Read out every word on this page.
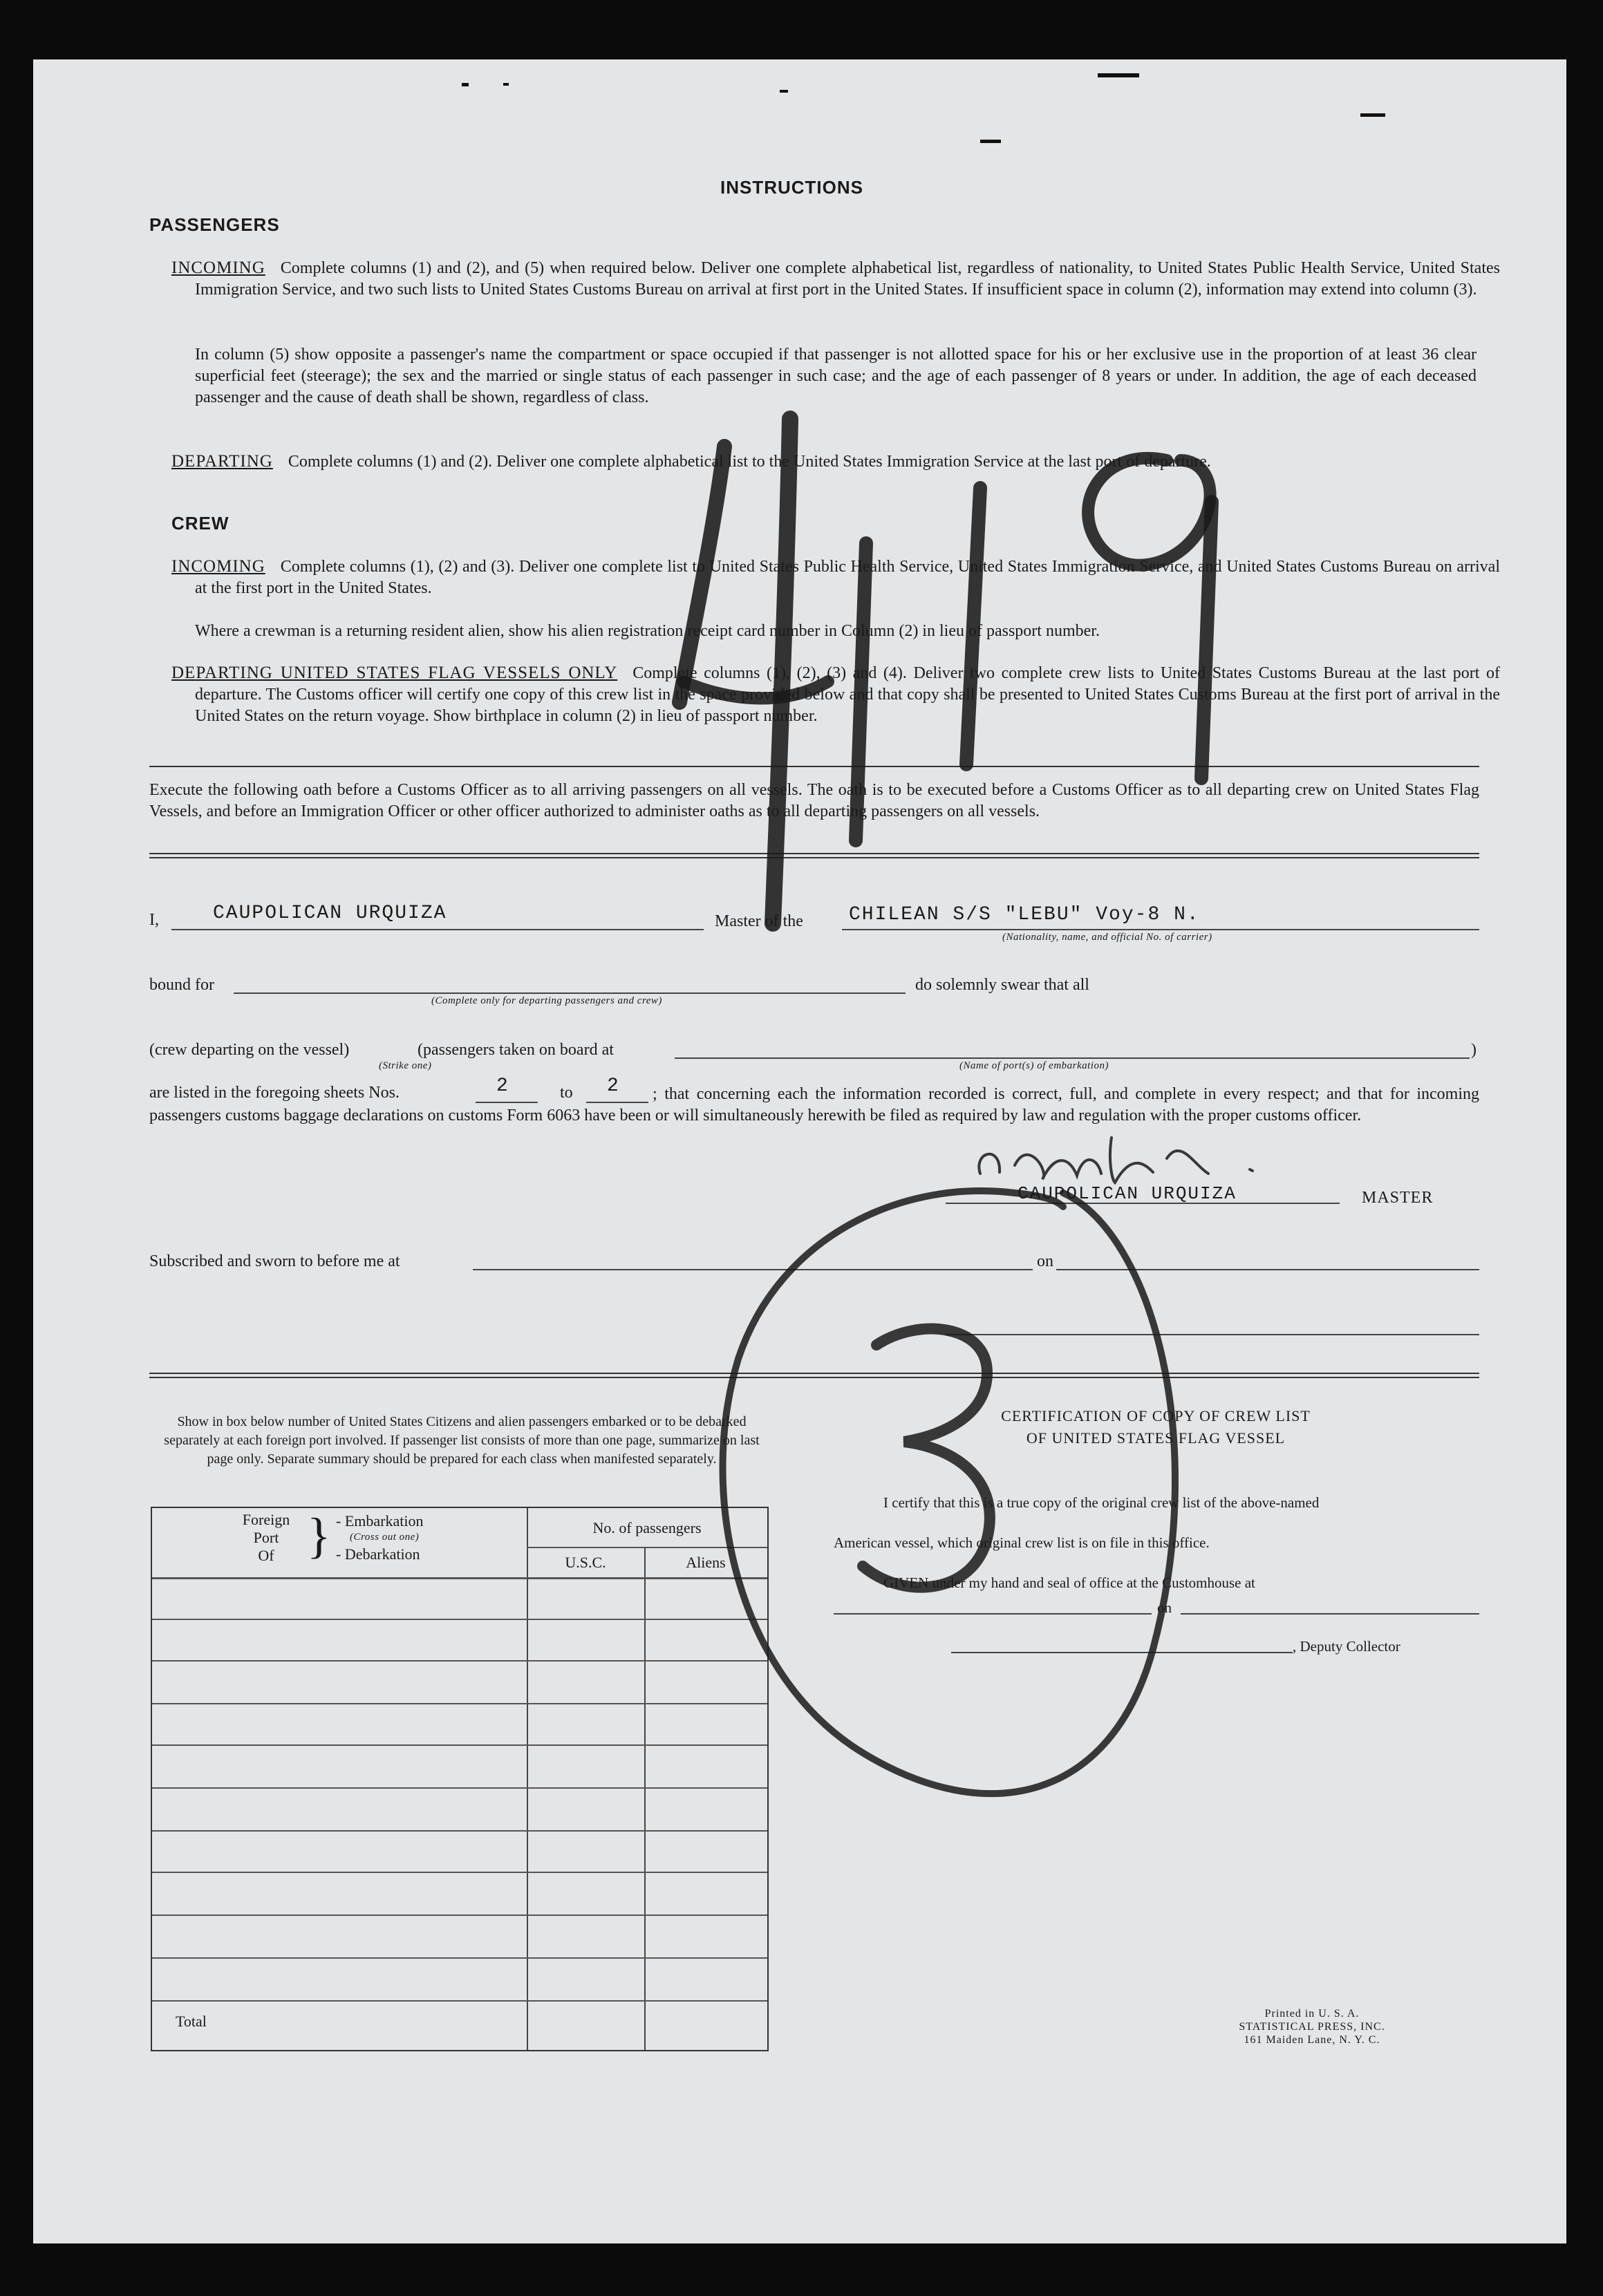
INSTRUCTIONS
PASSENGERS
INCOMING Complete columns (1) and (2), and (5) when required below. Deliver one complete alphabetical list, regardless of nationality, to United States Public Health Service, United States Immigration Service, and two such lists to United States Customs Bureau on arrival at first port in the United States. If insufficient space in column (2), information may extend into column (3).
In column (5) show opposite a passenger's name the compartment or space occupied if that passenger is not allotted space for his or her exclusive use in the proportion of at least 36 clear superficial feet (steerage); the sex and the married or single status of each passenger in such case; and the age of each passenger of 8 years or under. In addition, the age of each deceased passenger and the cause of death shall be shown, regardless of class.
DEPARTING Complete columns (1) and (2). Deliver one complete alphabetical list to the United States Immigration Service at the last port of departure.
CREW
INCOMING Complete columns (1), (2) and (3). Deliver one complete list to United States Public Health Service, United States Immigration Service, and United States Customs Bureau on arrival at the first port in the United States.
Where a crewman is a returning resident alien, show his alien registration receipt card number in Column (2) in lieu of passport number.
DEPARTING UNITED STATES FLAG VESSELS ONLY Complete columns (1), (2), (3) and (4). Deliver two complete crew lists to United States Customs Bureau at the last port of departure. The Customs officer will certify one copy of this crew list in the space provided below and that copy shall be presented to United States Customs Bureau at the first port of arrival in the United States on the return voyage. Show birthplace in column (2) in lieu of passport number.
Execute the following oath before a Customs Officer as to all arriving passengers on all vessels. The oath is to be executed before a Customs Officer as to all departing crew on United States Flag Vessels, and before an Immigration Officer or other officer authorized to administer oaths as to all departing passengers on all vessels.
I,	CAUPOLICAN URQUIZA	Master of the CHILEAN S/S "LEBU" Voy-8 N.
(Nationality, name, and official No. of carrier)
bound for
(Complete only for departing passengers and crew)
do solemnly swear that all
(crew departing on the vessel)	(passengers taken on board at	)
(Strike one)	(Name of port(s) of embarkation)
are listed in the foregoing sheets Nos.	2	to 2	; that concerning each the information recorded is correct, full, and complete in every respect; and that for incoming passengers customs baggage declarations on customs Form 6063 have been or will simultaneously herewith be filed as required by law and regulation with the proper customs officer.
CAUPOLICAN URQUIZA	MASTER
Subscribed and sworn to before me at	on
Show in box below number of United States Citizens and alien passengers embarked or to be debarked separately at each foreign port involved. If passenger list consists of more than one page, summarize on last page only. Separate summary should be prepared for each class when manifested separately.
Foreign
Port
Of } - Embarkation
(Cross out one)
- Debarkation
No. of passengers
U.S.C.	Aliens
Total
CERTIFICATION OF COPY OF CREW LIST
OF UNITED STATES FLAG VESSEL
I certify that this is a true copy of the original crew list of the above-named
American vessel, which original crew list is on file in this office.
GIVEN under my hand and seal of office at the Customhouse at
on
, Deputy Collector
Printed in U. S. A.
STATISTICAL PRESS, INC.
161 Maiden Lane, N. Y. C.
